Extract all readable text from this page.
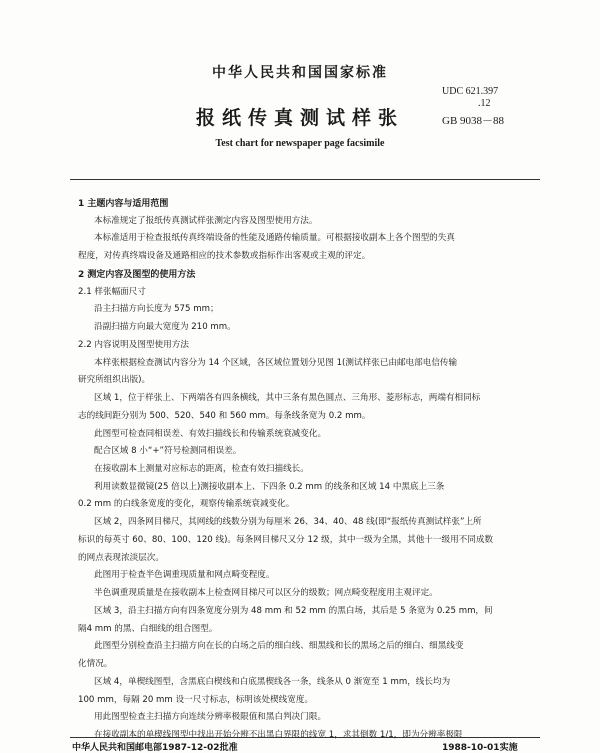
中华人民共和国国家标准
UDC 621.397
.12
报纸传真测试样张	GB 9038－88
Test chart for newspaper page facsimile
1 主题内容与适用范围
本标准规定了报纸传真测试样张测定内容及图型使用方法。
本标准适用于检查报纸传真终端设备的性能及通路传输质量。可根据接收副本上各个图型的失真
程度，对传真终端设备及通路相应的技术参数或指标作出客观或主观的评定。
2 测定内容及图型的使用方法
2.1 样张幅面尺寸
沿主扫描方向长度为 575 mm；
沿副扫描方向最大宽度为 210 mm。
2.2 内容说明及图型使用方法
本样张根据检查测试内容分为 14 个区域，各区域位置划分见图 1(测试样张已由邮电部电信传输
研究所组织出版)。
区域 1，位于样张上、下两端各有四条横线，其中三条有黑色圆点、三角形、菱形标志，两端有相同标
志的线间距分别为 500、520、540 和 560 mm。每条线条宽为 0.2 mm。
此图型可检查同相误差、有效扫描线长和传输系统衰减变化。
配合区域 8 小“+”符号检测同相误差。
在接收副本上测量对应标志的距离，检查有效扫描线长。
利用读数显微镜(25 倍以上)测接收副本上、下四条 0.2 mm 的线条和区域 14 中黑底上三条
0.2 mm 的白线条宽度的变化，观察传输系统衰减变化。
区域 2，四条网目梯尺，其网线的线数分别为每厘米 26、34、40、48 线(即“报纸传真测试样张”上所
标识的每英寸 60、80、100、120 线)。每条网目梯尺又分 12 级，其中一级为全黑，其他十一级用不同成数
的网点表现浓淡层次。
此图用于检查半色调重现质量和网点畸变程度。
半色调重现质量是在接收副本上检查网目梯尺可以区分的级数；网点畸变程度用主观评定。
区域 3，沿主扫描方向有四条宽度分别为 48 mm 和 52 mm 的黑白场，其后是 5 条宽为 0.25 mm，间
隔4 mm 的黑、白细线的组合图型。
此图型分别检查沿主扫描方向在长的白场之后的细白线、细黑线和长的黑场之后的细白、细黑线变
化情况。
区域 4，单楔线图型，含黑底白楔线和白底黑楔线各一条，线条从 0 渐宽至 1 mm，线长均为
100 mm，每隔 20 mm 设一尺寸标志，标明该处楔线宽度。
用此图型检查主扫描方向连续分辨率极限值和黑白判决门限。
在接收副本的单楔线图型中找出开始分辨不出黑白界限的线宽 1，求其倒数 1/1，即为分辨率极限
中华人民共和国邮电部1987-12-02批准	1988-10-01实施
